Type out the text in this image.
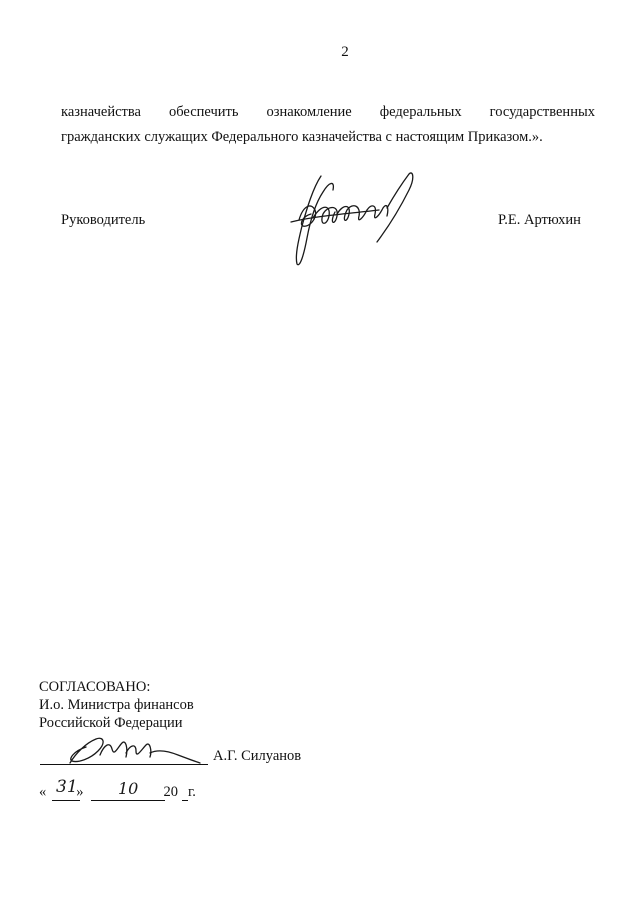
2
казначейства обеспечить ознакомление федеральных государственных
гражданских служащих Федерального казначейства с настоящим Приказом.».
Руководитель	Р.Е. Артюхин
СОГЛАСОВАНО:
И.о. Министра финансов
Российской Федерации
А.Г. Силуанов
« »	20 г.
31	10
